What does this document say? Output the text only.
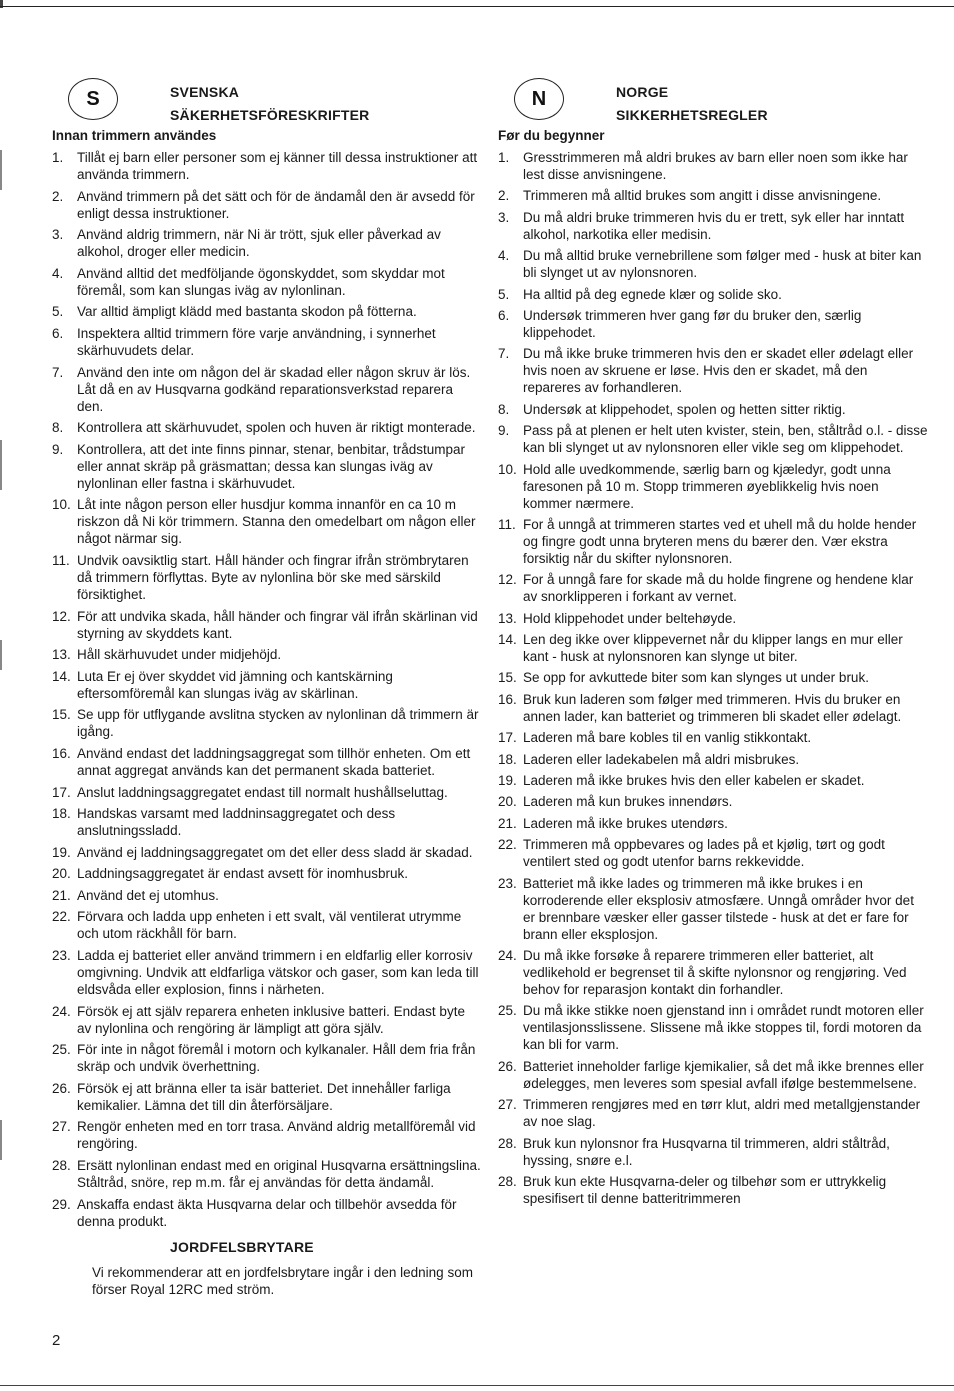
S	SVENSKA
SÄKERHETSFÖRESKRIFTER
Innan trimmern användes
1. Tillåt ej barn eller personer som ej känner till dessa instruktioner att använda trimmern.
2. Använd trimmern på det sätt och för de ändamål den är avsedd för enligt dessa instruktioner.
3. Använd aldrig trimmern, när Ni är trött, sjuk eller påverkad av alkohol, droger eller medicin.
4. Använd alltid det medföljande ögonskyddet, som skyddar mot föremål, som kan slungas iväg av nylonlinan.
5. Var alltid ämpligt klädd med bastanta skodon på fötterna.
6. Inspektera alltid trimmern före varje användning, i synnerhet skärhuvudets delar.
7. Använd den inte om någon del är skadad eller någon skruv är lös. Låt då en av Husqvarna godkänd reparationsverkstad reparera den.
8. Kontrollera att skärhuvudet, spolen och huven är riktigt monterade.
9. Kontrollera, att det inte finns pinnar, stenar, benbitar, trådstumpar eller annat skräp på gräsmattan; dessa kan slungas iväg av nylonlinan eller fastna i skärhuvudet.
10. Låt inte någon person eller husdjur komma innanför en ca 10 m riskzon då Ni kör trimmern. Stanna den omedelbart om någon eller något närmar sig.
11. Undvik oavsiktlig start. Håll händer och fingrar ifrån strömbrytaren då trimmern förflyttas. Byte av nylonlina bör ske med särskild försiktighet.
12. För att undvika skada, håll händer och fingrar väl ifrån skärlinan vid styrning av skyddets kant.
13. Håll skärhuvudet under midjehöjd.
14. Luta Er ej över skyddet vid jämning och kantskärning eftersomföremål kan slungas iväg av skärlinan.
15. Se upp för utflygande avslitna stycken av nylonlinan då trimmern är igång.
16. Använd endast det laddningsaggregat som tillhör enheten. Om ett annat aggregat används kan det permanent skada batteriet.
17. Anslut laddningsaggregatet endast till normalt hushållseluttag.
18. Handskas varsamt med laddninsaggregatet och dess anslutningssladd.
19. Använd ej laddningsaggregatet om det eller dess sladd är skadad.
20. Laddningsaggregatet är endast avsett för inomhusbruk.
21. Använd det ej utomhus.
22. Förvara och ladda upp enheten i ett svalt, väl ventilerat utrymme och utom räckhåll för barn.
23. Ladda ej batteriet eller använd trimmern i en eldfarlig eller korrosiv omgivning. Undvik att eldfarliga vätskor och gaser, som kan leda till eldsvåda eller explosion, finns i närheten.
24. Försök ej att själv reparera enheten inklusive batteri. Endast byte av nylonlina och rengöring är lämpligt att göra själv.
25. För inte in något föremål i motorn och kylkanaler. Håll dem fria från skräp och undvik överhettning.
26. Försök ej att bränna eller ta isär batteriet. Det innehåller farliga kemikalier. Lämna det till din återförsäljare.
27. Rengör enheten med en torr trasa. Använd aldrig metallföremål vid rengöring.
28. Ersätt nylonlinan endast med en original Husqvarna ersättningslina. Ståltråd, snöre, rep m.m. får ej användas för detta ändamål.
29. Anskaffa endast äkta Husqvarna delar och tillbehör avsedda för denna produkt.
JORDFELSBRYTARE
Vi rekommenderar att en jordfelsbrytare ingår i den ledning som förser Royal 12RC med ström.
N	NORGE
SIKKERHETSREGLER
Før du begynner
1. Gresstrimmeren må aldri brukes av barn eller noen som ikke har lest disse anvisningene.
2. Trimmeren må alltid brukes som angitt i disse anvisningene.
3. Du må aldri bruke trimmeren hvis du er trett, syk eller har inntatt alkohol, narkotika eller medisin.
4. Du må alltid bruke vernebrillene som følger med - husk at biter kan bli slynget ut av nylonsnoren.
5. Ha alltid på deg egnede klær og solide sko.
6. Undersøk trimmeren hver gang før du bruker den, særlig klippehodet.
7. Du må ikke bruke trimmeren hvis den er skadet eller ødelagt eller hvis noen av skruene er løse. Hvis den er skadet, må den repareres av forhandleren.
8. Undersøk at klippehodet, spolen og hetten sitter riktig.
9. Pass på at plenen er helt uten kvister, stein, ben, ståltråd o.l. - disse kan bli slynget ut av nylonsnoren eller vikle seg om klippehodet.
10. Hold alle uvedkommende, særlig barn og kjæledyr, godt unna faresonen på 10 m. Stopp trimmeren øyeblikkelig hvis noen kommer nærmere.
11. For å unngå at trimmeren startes ved et uhell må du holde hender og fingre godt unna bryteren mens du bærer den. Vær ekstra forsiktig når du skifter nylonsnoren.
12. For å unngå fare for skade må du holde fingrene og hendene klar av snorklipperen i forkant av vernet.
13. Hold klippehodet under beltehøyde.
14. Len deg ikke over klippevernet når du klipper langs en mur eller kant - husk at nylonsnoren kan slynge ut biter.
15. Se opp for avkuttede biter som kan slynges ut under bruk.
16. Bruk kun laderen som følger med trimmeren. Hvis du bruker en annen lader, kan batteriet og trimmeren bli skadet eller ødelagt.
17. Laderen må bare kobles til en vanlig stikkontakt.
18. Laderen eller ladekabelen må aldri misbrukes.
19. Laderen må ikke brukes hvis den eller kabelen er skadet.
20. Laderen må kun brukes innendørs.
21. Laderen må ikke brukes utendørs.
22. Trimmeren må oppbevares og lades på et kjølig, tørt og godt ventilert sted og godt utenfor barns rekkevidde.
23. Batteriet må ikke lades og trimmeren må ikke brukes i en korroderende eller eksplosiv atmosfære. Unngå områder hvor det er brennbare væsker eller gasser tilstede - husk at det er fare for brann eller eksplosjon.
24. Du må ikke forsøke å reparere trimmeren eller batteriet, alt vedlikehold er begrenset til å skifte nylonsnor og rengjøring. Ved behov for reparasjon kontakt din forhandler.
25. Du må ikke stikke noen gjenstand inn i området rundt motoren eller ventilasjonsslissene. Slissene må ikke stoppes til, fordi motoren da kan bli for varm.
26. Batteriet inneholder farlige kjemikalier, så det må ikke brennes eller ødelegges, men leveres som spesial avfall ifølge bestemmelsene.
27. Trimmeren rengjøres med en tørr klut, aldri med metallgjenstander av noe slag.
28. Bruk kun nylonsnor fra Husqvarna til trimmeren, aldri ståltråd, hyssing, snøre e.l.
28. Bruk kun ekte Husqvarna-deler og tilbehør som er uttrykkelig spesifisert til denne batteritrimmeren
2
